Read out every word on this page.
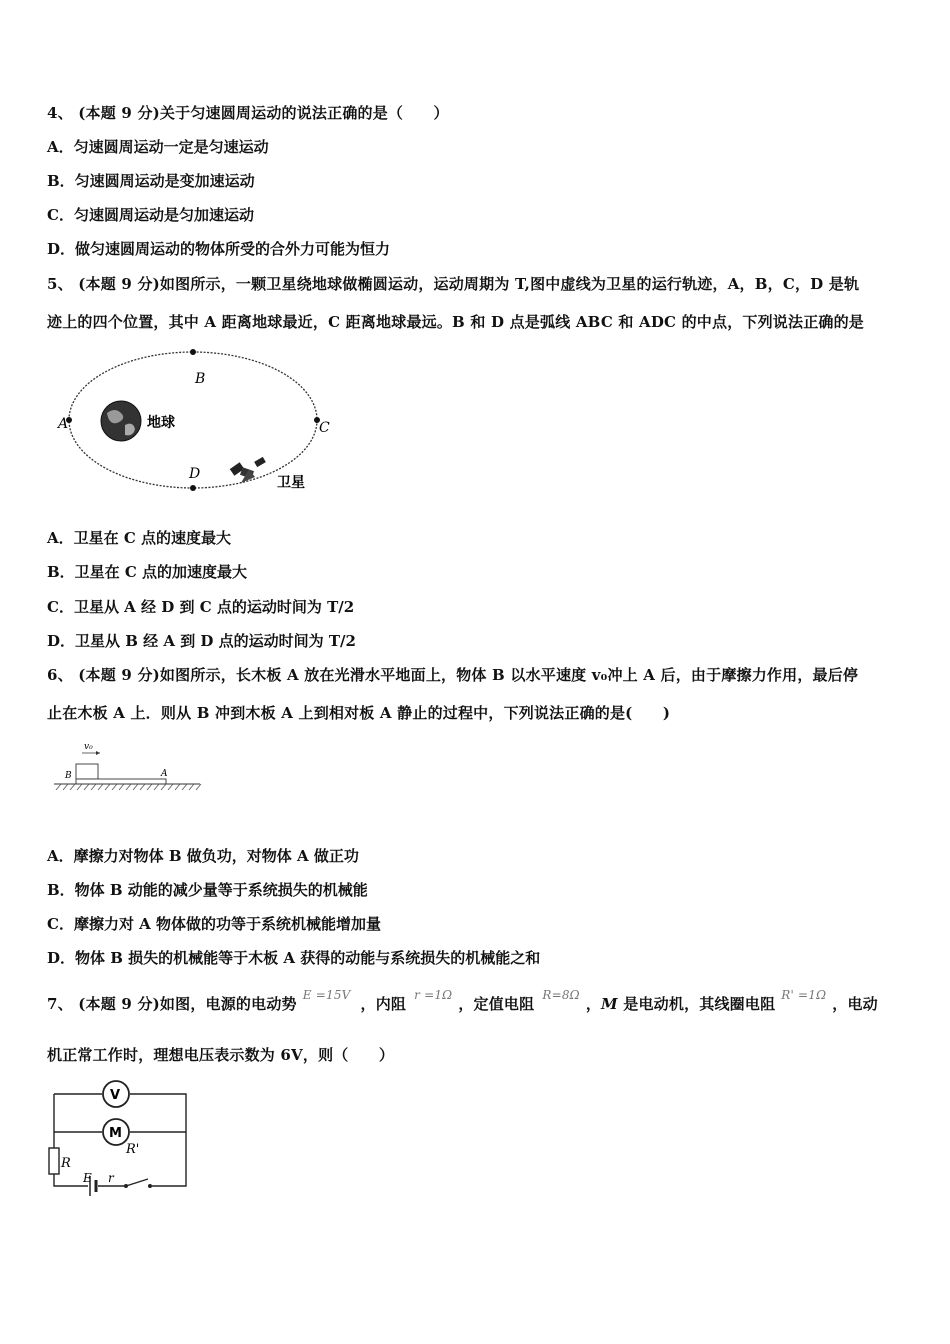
4、 (本题 9 分)关于匀速圆周运动的说法正确的是（　　）
A．匀速圆周运动一定是匀速运动
B．匀速圆周运动是变加速运动
C．匀速圆周运动是匀加速运动
D．做匀速圆周运动的物体所受的合外力可能为恒力
5、 (本题 9 分)如图所示，一颗卫星绕地球做椭圆运动，运动周期为 T,图中虚线为卫星的运行轨迹，A，B，C，D 是轨
迹上的四个位置，其中 A 距离地球最近，C 距离地球最远。B 和 D 点是弧线 ABC 和 ADC 的中点，下列说法正确的是
A
B
C
D
地球
卫星
A．卫星在 C 点的速度最大
B．卫星在 C 点的加速度最大
C．卫星从 A 经 D 到 C 点的运动时间为 T/2
D．卫星从 B 经 A 到 D 点的运动时间为 T/2
6、 (本题 9 分)如图所示，长木板 A 放在光滑水平地面上，物体 B 以水平速度 v₀冲上 A 后，由于摩擦力作用，最后停
止在木板 A 上．则从 B 冲到木板 A 上到相对板 A 静止的过程中，下列说法正确的是(　　)
v₀
B	A
A．摩擦力对物体 B 做负功，对物体 A 做正功
B．物体 B 动能的减少量等于系统损失的机械能
C．摩擦力对 A 物体做的功等于系统机械能增加量
D．物体 B 损失的机械能等于木板 A 获得的动能与系统损失的机械能之和
7、 (本题 9 分)如图，电源的电动势 $^{E =15V}$ ，内阻 $^{r =1\Omega}$ ，定值电阻 $^{R=8\Omega}$ ，M 是电动机，其线圈电阻 $^{R' =1\Omega}$ ，电动
机正常工作时，理想电压表示数为 6V，则（　　）
V
M
R'
R
E r
